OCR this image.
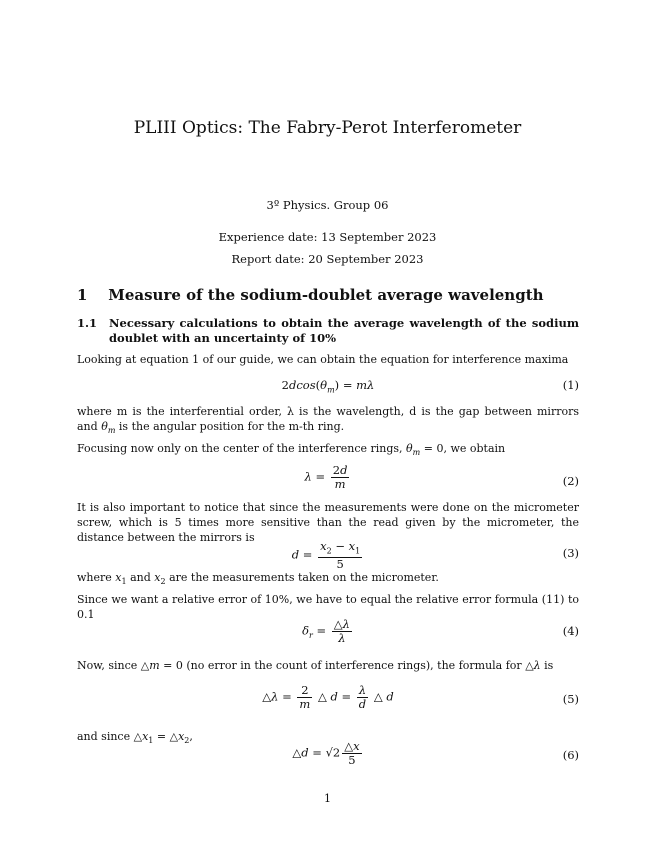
PLIII Optics: The Fabry-Perot Interferometer
3º Physics. Group 06
Experience date: 13 September 2023
Report date: 20 September 2023
1 Measure of the sodium-doublet average wavelength
1.1 Necessary calculations to obtain the average wavelength of the sodium doublet with an uncertainty of 10%
Looking at equation 1 of our guide, we can obtain the equation for interference maxima
$2dcos(\theta_m) = m\lambda$	(1)
where m is the interferential order, λ is the wavelength, d is the gap between mirrors and $\theta_m$ is the angular position for the m-th ring.
Focusing now only on the center of the interference rings, $\theta_m = 0$, we obtain
$\lambda = \frac{2d}{m}$	(2)
It is also important to notice that since the measurements were done on the micrometer screw, which is 5 times more sensitive than the read given by the micrometer, the distance between the mirrors is
$d = \frac{x_2 - x_1}{5}$	(3)
where $x_1$ and $x_2$ are the measurements taken on the micrometer.
Since we want a relative error of 10%, we have to equal the relative error formula (11) to 0.1
$\delta_r = \frac{\triangle\lambda}{\lambda}$	(4)
Now, since △m = 0 (no error in the count of interference rings), the formula for △λ is
△λ = $\frac{2}{m}$ △ $d = \frac{\lambda}{d}$ △ d	(5)
and since $\triangle x_1$ = $\triangle x_2$,
△d = $√2 \frac{\triangle x}{5}$	(6)
1
